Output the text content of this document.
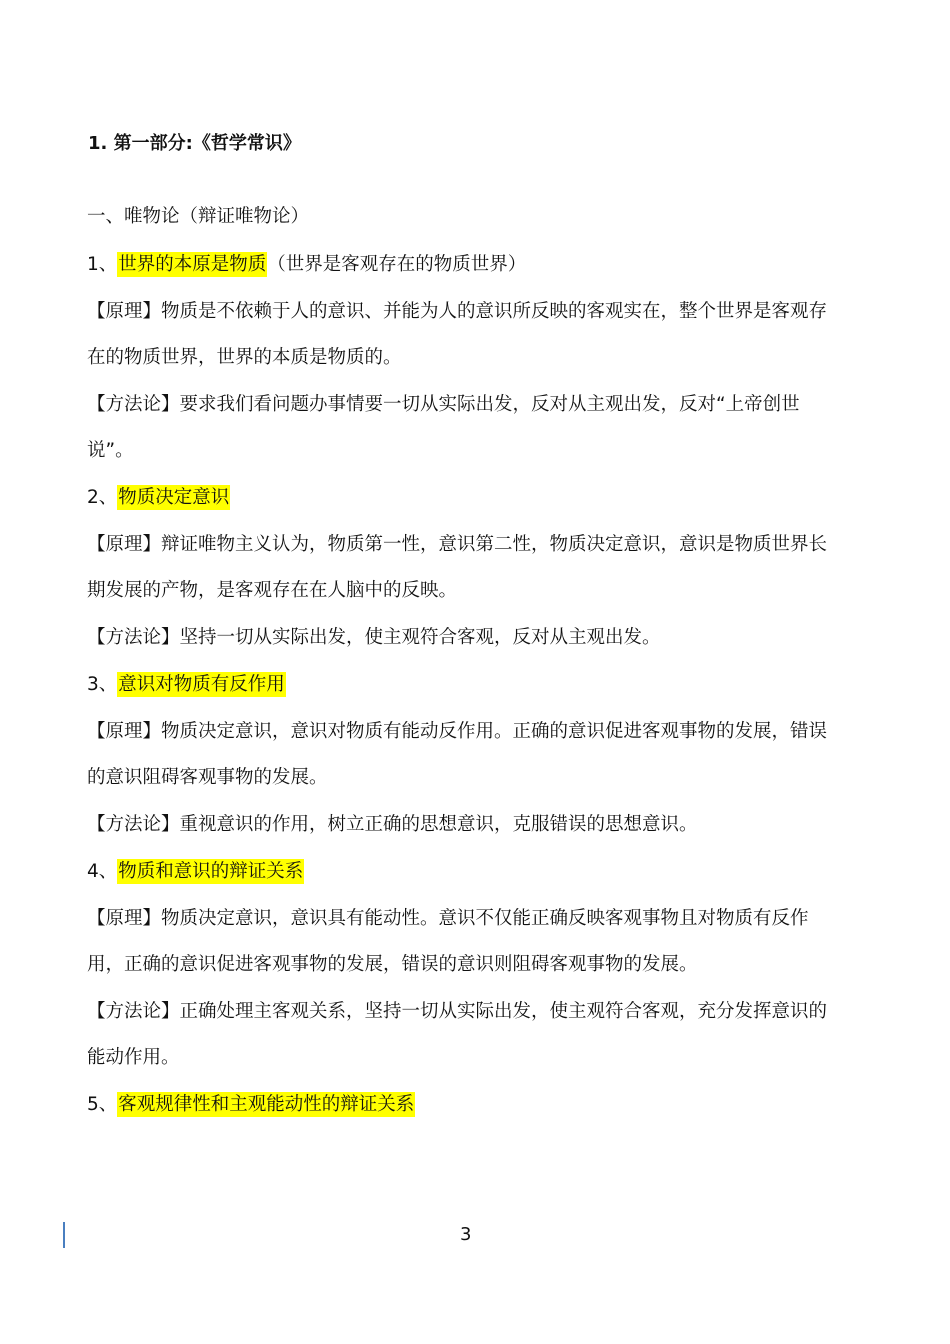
1. 第一部分:《哲学常识》
一、唯物论（辩证唯物论）
1、世界的本原是物质（世界是客观存在的物质世界）
【原理】物质是不依赖于人的意识、并能为人的意识所反映的客观实在，整个世界是客观存
在的物质世界，世界的本质是物质的。
【方法论】要求我们看问题办事情要一切从实际出发，反对从主观出发，反对“上帝创世
说”。
2、物质决定意识
【原理】辩证唯物主义认为，物质第一性，意识第二性，物质决定意识，意识是物质世界长
期发展的产物，是客观存在在人脑中的反映。
【方法论】坚持一切从实际出发，使主观符合客观，反对从主观出发。
3、意识对物质有反作用
【原理】物质决定意识，意识对物质有能动反作用。正确的意识促进客观事物的发展，错误
的意识阻碍客观事物的发展。
【方法论】重视意识的作用，树立正确的思想意识，克服错误的思想意识。
4、物质和意识的辩证关系
【原理】物质决定意识，意识具有能动性。意识不仅能正确反映客观事物且对物质有反作
用，正确的意识促进客观事物的发展，错误的意识则阻碍客观事物的发展。
【方法论】正确处理主客观关系，坚持一切从实际出发，使主观符合客观，充分发挥意识的
能动作用。
5、客观规律性和主观能动性的辩证关系
3
